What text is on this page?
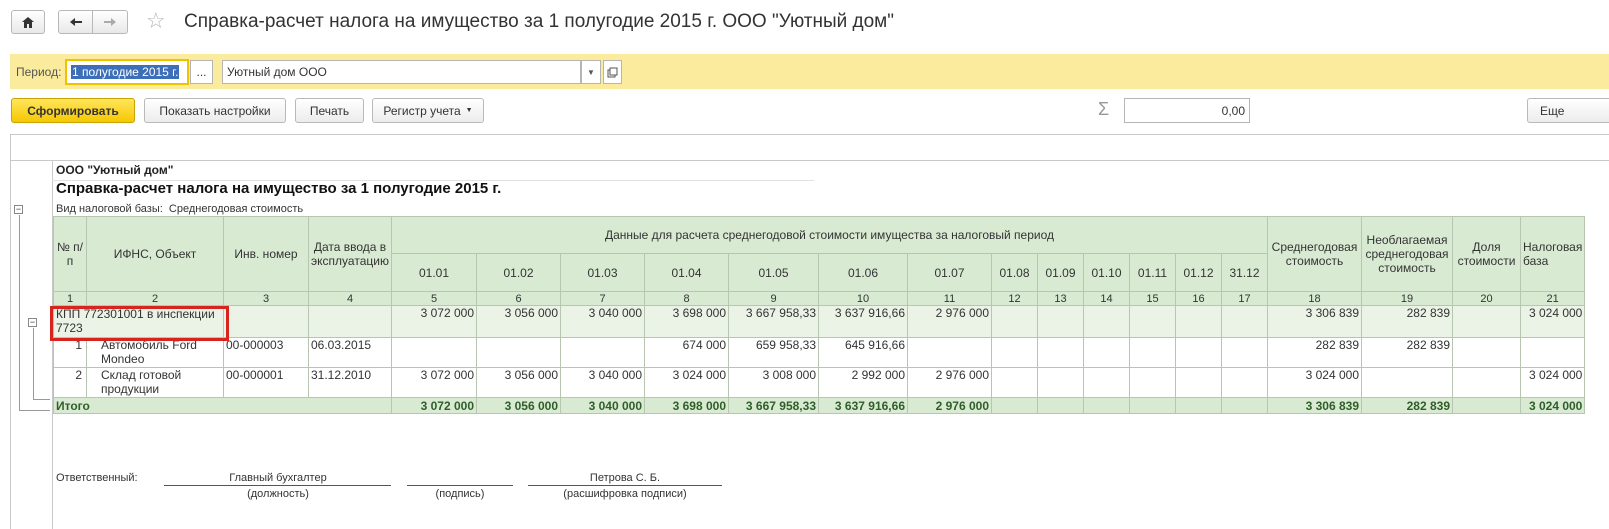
☆ Справка-расчет налога на имущество за 1 полугодие 2015 г. ООО "Уютный дом"
Период: 1 полугодие 2015 г. ... Уютный дом ООО	▼
Сформировать	Показать настройки	Печать	Регистр учета ▼	Σ	0,00	Еще
−
−
ООО "Уютный дом"
Справка-расчет налога на имущество за 1 полугодие 2015 г.
Вид налоговой базы:  Среднегодовая стоимость
№ п/п	ИФНС, Объект	Инв. номер	Дата ввода в эксплуатацию	Данные для расчета среднегодовой стоимости имущества за налоговый период													Среднегодовая стоимость	Необлагаемая среднегодовая стоимость	Доля стоимости	Налоговая база
				01.01	01.02	01.03	01.04	01.05	01.06	01.07	01.08	01.09	01.10	01.11	01.12	31.12				
1	2	3	4	5	6	7	8	9	10	11	12	13	14	15	16	17	18	19	20	21
КПП 772301001 в инспекции 7723				3 072 000	3 056 000	3 040 000	3 698 000	3 667 958,33	3 637 916,66	2 976 000							3 306 839	282 839		3 024 000
1	Автомобиль Ford Mondeo	00-000003	06.03.2015				674 000	659 958,33	645 916,66								282 839	282 839		
2	Склад готовой продукции	00-000001	31.12.2010	3 072 000	3 056 000	3 040 000	3 024 000	3 008 000	2 992 000	2 976 000							3 024 000			3 024 000
Итого				3 072 000	3 056 000	3 040 000	3 698 000	3 667 958,33	3 637 916,66	2 976 000							3 306 839	282 839		3 024 000
Ответственный:	Главный бухгалтер
(должность)	(подпись)
Петрова С. Б.
(расшифровка подписи)
